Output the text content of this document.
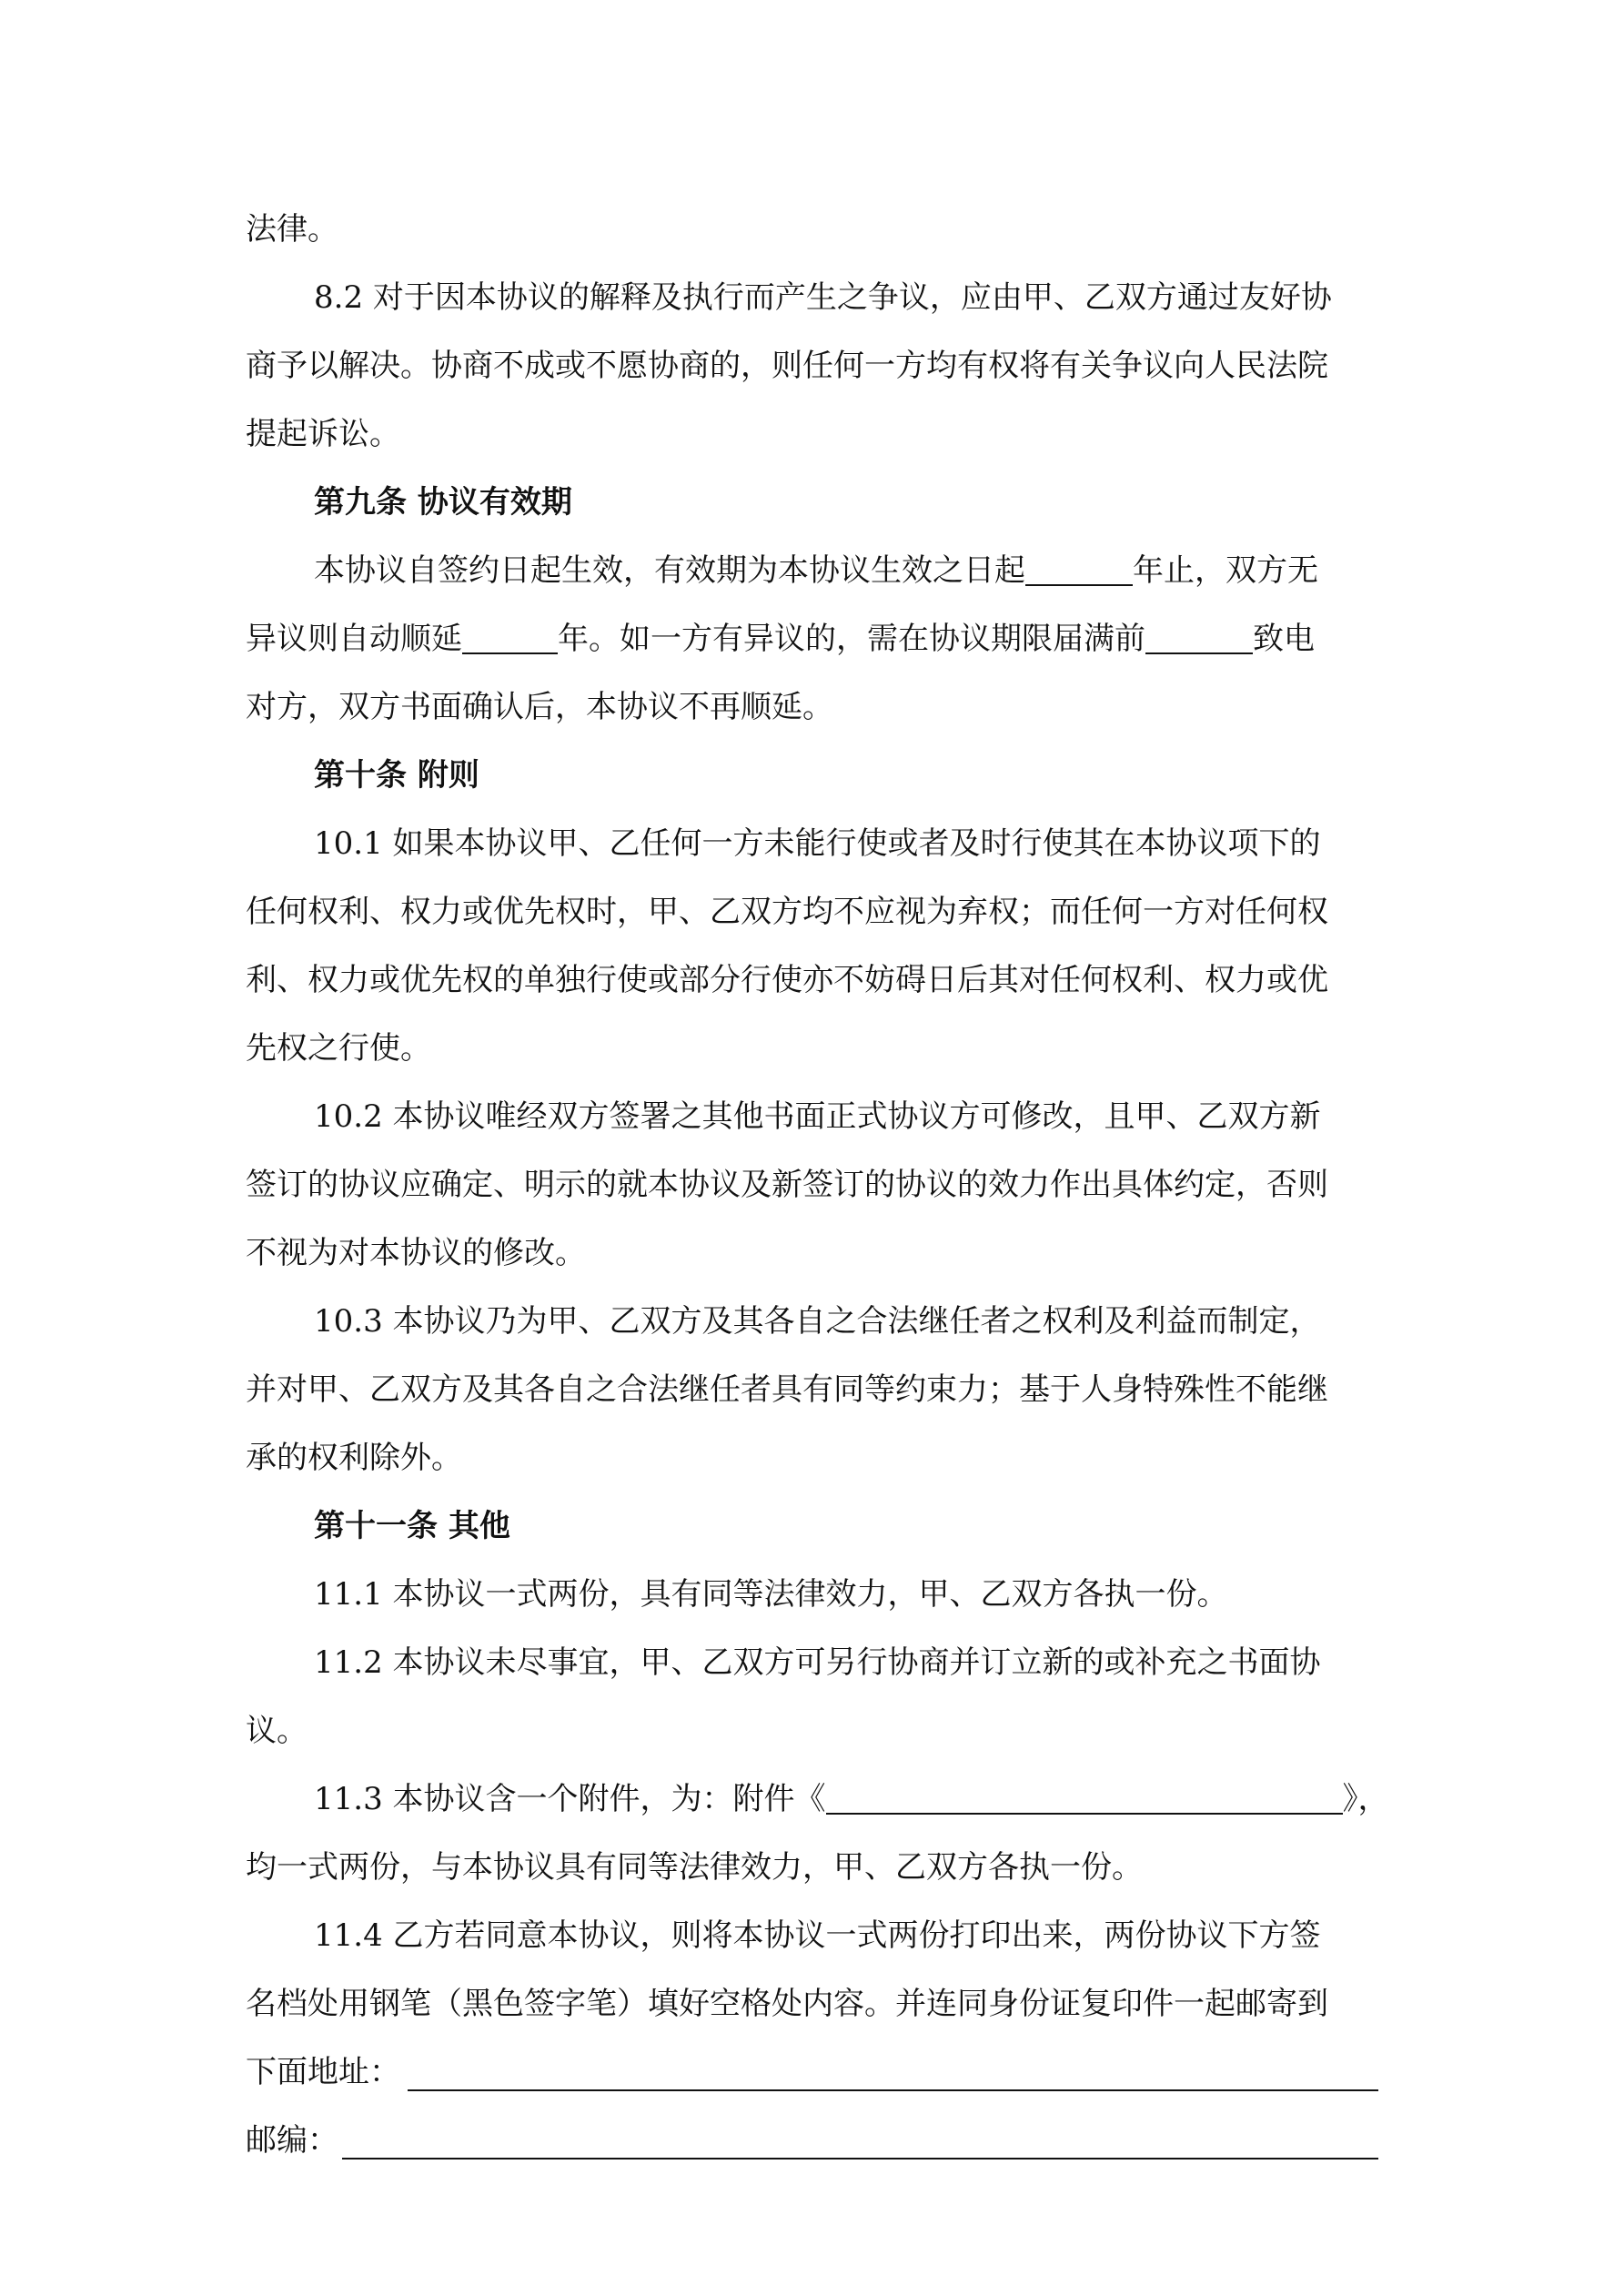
法律。
8.2 对于因本协议的解释及执行而产生之争议，应由甲、乙双方通过友好协
商予以解决。协商不成或不愿协商的，则任何一方均有权将有关争议向人民法院
提起诉讼。
第九条 协议有效期
本协议自签约日起生效，有效期为本协议生效之日起	年止，双方无
异议则自动顺延	年。如一方有异议的，需在协议期限届满前	致电
对方，双方书面确认后，本协议不再顺延。
第十条 附则
10.1 如果本协议甲、乙任何一方未能行使或者及时行使其在本协议项下的
任何权利、权力或优先权时，甲、乙双方均不应视为弃权；而任何一方对任何权
利、权力或优先权的单独行使或部分行使亦不妨碍日后其对任何权利、权力或优
先权之行使。
10.2 本协议唯经双方签署之其他书面正式协议方可修改，且甲、乙双方新
签订的协议应确定、明示的就本协议及新签订的协议的效力作出具体约定，否则
不视为对本协议的修改。
10.3 本协议乃为甲、乙双方及其各自之合法继任者之权利及利益而制定，
并对甲、乙双方及其各自之合法继任者具有同等约束力；基于人身特殊性不能继
承的权利除外。
第十一条 其他
11.1 本协议一式两份，具有同等法律效力，甲、乙双方各执一份。
11.2 本协议未尽事宜，甲、乙双方可另行协商并订立新的或补充之书面协
议。
11.3 本协议含一个附件，为：附件《	》，
均一式两份，与本协议具有同等法律效力，甲、乙双方各执一份。
11.4 乙方若同意本协议，则将本协议一式两份打印出来，两份协议下方签
名档处用钢笔（黑色签字笔）填好空格处内容。并连同身份证复印件一起邮寄到
下面地址：
邮编：
